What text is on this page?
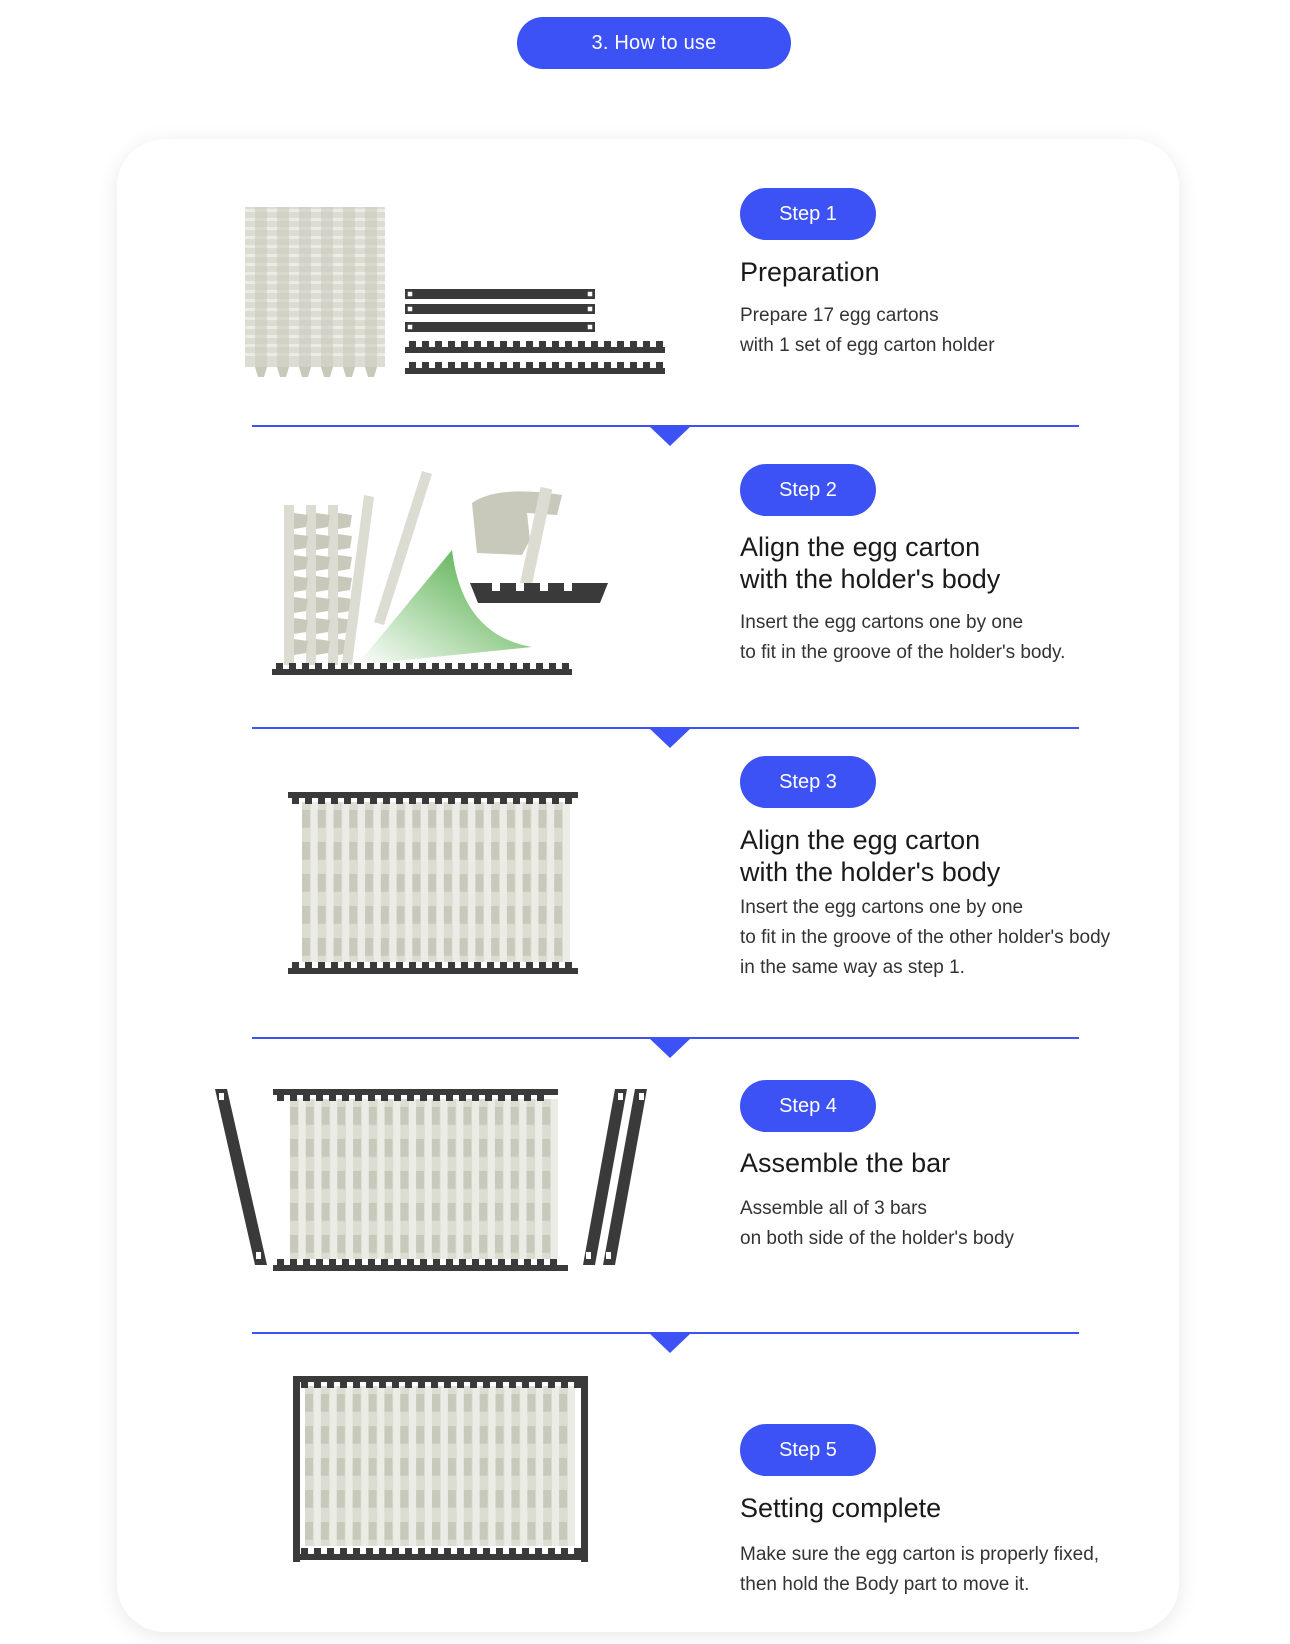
3. How to use
Step 1
Preparation
Prepare 17 egg cartons
with 1 set of egg carton holder
Step 2
Align the egg carton
with the holder's body
Insert the egg cartons one by one
to fit in the groove of the holder's body.
Step 3
Align the egg carton
with the holder's body
Insert the egg cartons one by one
to fit in the groove of the other holder's body
in the same way as step 1.
Step 4
Assemble the bar
Assemble all of 3 bars
on both side of the holder's body
Step 5
Setting complete
Make sure the egg carton is properly fixed,
then hold the Body part to move it.
